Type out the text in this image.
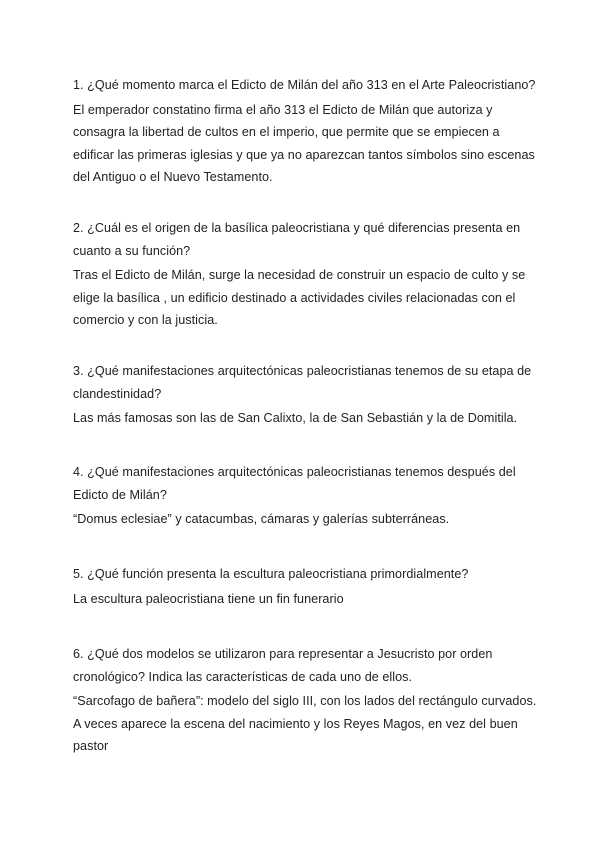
1. ¿Qué momento marca el Edicto de Milán del año 313 en el Arte Paleocristiano?

El emperador constatino firma el año 313 el Edicto de Milán que autoriza y consagra la libertad de cultos en el imperio, que permite que se empiecen a edificar las primeras iglesias y que ya no aparezcan tantos símbolos sino escenas del Antiguo o el Nuevo Testamento.

2. ¿Cuál es el origen de la basílica paleocristiana y qué diferencias presenta en cuanto a su función?

Tras el Edicto de Milán, surge la necesidad de construir un espacio de culto y se elige la basílica , un edificio destinado a actividades civiles relacionadas con el comercio y con la justicia.

3. ¿Qué manifestaciones arquitectónicas paleocristianas tenemos de su etapa de clandestinidad?

Las más famosas son las de San Calixto, la de San Sebastián y la de Domitila.

4. ¿Qué manifestaciones arquitectónicas paleocristianas tenemos después del Edicto de Milán?

“Domus eclesiae” y catacumbas, cámaras y galerías subterráneas.

5. ¿Qué función presenta la escultura paleocristiana primordialmente?

La escultura paleocristiana tiene un fin funerario

6. ¿Qué dos modelos se utilizaron para representar a Jesucristo por orden cronológico? Indica las características de cada uno de ellos.

“Sarcofago de bañera”: modelo del siglo III, con los lados del rectángulo curvados. A veces aparece la escena del nacimiento y los Reyes Magos, en vez del buen pastor
